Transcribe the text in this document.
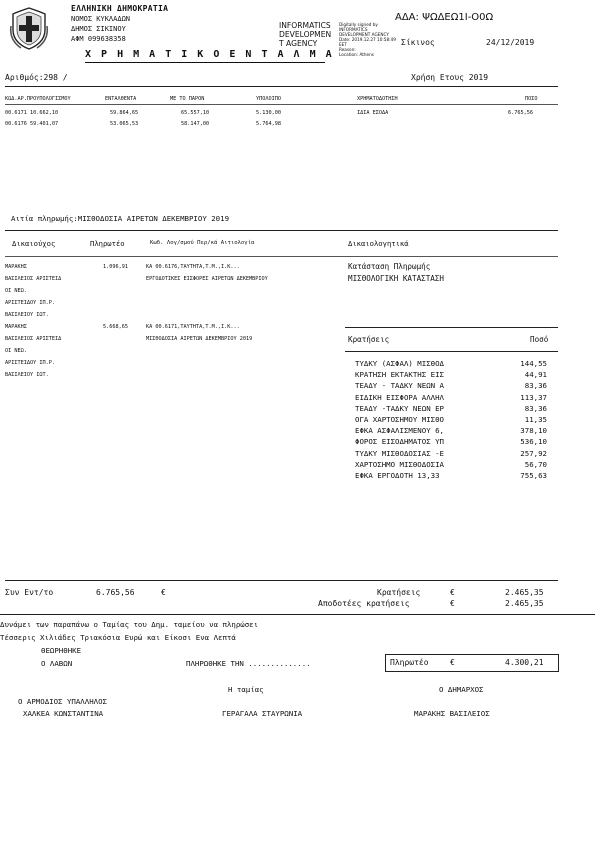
ΕΛΛΗΝΙΚΗ ΔΗΜΟΚΡΑΤΙΑ
ΝΟΜΟΣ ΚΥΚΛΑΔΩΝ
ΔΗΜΟΣ ΣΙΚΙΝΟΥ
ΑΦΜ 099638358
ΑΔΑ: ΨΩΔΕΩ1Ι-Ο0Ω
INFORMATICS
DEVELOPMEN
T AGENCY
Digitally signed by
INFORMATICS
DEVELOPMENT AGENCY
Date: 2019.12.27 10:58:49
EET
Reason:
Location: Athens
Σίκινος	24/12/2019
Χ Ρ Η Μ Α Τ Ι Κ Ο Ε Ν Τ Α Λ Μ Α
Αριθμός:298 /	Χρήση Ετους 2019
ΚΩΔ.ΑΡ.ΠΡΟΥΠΟΛΟΓΙΣΜΟΥ	ΕΝΤΑΛΘΕΝΤΑ	ΜΕ ΤΟ ΠΑΡΟΝ	ΥΠΟΛΟΙΠΟ	ΧΡΗΜΑΤΟΔΟΤΗΣΗ	ΠΟΣΟ
00.6171 10.662,10	59.864,65	65.557,10	5.130,00	ΙΔΙΑ ΕΣΟΔΑ	6.765,56
00.6176 59.401,07	53.065,53	58.147,00	5.764,98
Αιτία πληρωμής:ΜΙΣΘΟΔΟΣΙΑ ΑΙΡΕΤΩΝ ΔΕΚΕΜΒΡΙΟΥ 2019
Δικαιούχος	Πληρωτέο	Κωδ. Λογ/σμού Περ/κά Αιτιολογία	Δικαιολογητικά
ΜΑΡΑΚΗΣ
ΒΑΣΙΛΕΙΟΣ ΑΡΙΣΤΕΙΔ
ΟΙ ΝΕΩ.
ΑΡΙΣΤΕΙΔΟΥ ΙΠ.Ρ.
ΒΑΣΙΛΕΙΟΥ ΙΩΤ.
1.096,91	ΚΑ 00.6176,ΤΑΥΤΗΤΑ,Τ.Μ.,Ι.Κ...
ΕΡΓΟΔΟΤΙΚΕΣ ΕΙΣΦΟΡΕΣ ΑΙΡΕΤΩΝ ΔΕΚΕΜΒΡΙΟΥ
ΜΑΡΑΚΗΣ
ΒΑΣΙΛΕΙΟΣ ΑΡΙΣΤΕΙΔ
ΟΙ ΝΕΩ.
ΑΡΙΣΤΕΙΔΟΥ ΙΠ.Ρ.
ΒΑΣΙΛΕΙΟΥ ΙΩΤ.
5.668,65	ΚΑ 00.6171,ΤΑΥΤΗΤΑ,Τ.Μ.,Ι.Κ...
ΜΙΣΘΟΔΟΣΙΑ ΑΙΡΕΤΩΝ ΔΕΚΕΜΒΡΙΟΥ 2019
Κατάσταση Πληρωμής
ΜΙΣΘΟΛΟΓΙΚΗ ΚΑΤΑΣΤΑΣΗ
Κρατήσεις	Ποσό
ΤΥΔΚΥ (ΑΣΦΑΛ) ΜΙΣΘΟΔ	144,55
ΚΡΑΤΗΣΗ ΕΚΤΑΚΤΗΣ ΕΙΣ	44,91
ΤΕΑΔΥ - ΤΑΔΚΥ ΝΕΩΝ Α	83,36
ΕΙΔΙΚΗ ΕΙΣΦΟΡΑ ΑΛΛΗΛ	113,37
ΤΕΑΔΥ -ΤΑΔΚΥ ΝΕΩΝ ΕΡ	83,36
ΟΓΑ ΧΑΡΤΟΣΗΜΟΥ ΜΙΣΘΟ	11,35
ΕΦΚΑ ΑΣΦΑΛΙΣΜΕΝΟΥ 6,	378,10
ΦΟΡΟΣ ΕΙΣΟΔΗΜΑΤΟΣ ΥΠ	536,10
ΤΥΔΚΥ ΜΙΣΘΟΔΟΣΙΑΣ -Ε	257,92
ΧΑΡΤΟΣΗΜΟ ΜΙΣΘΟΔΟΣΙΑ	56,70
ΕΦΚΑ ΕΡΓΟΔΟΤΗ 13,33	755,63
Συν Εντ/το	6.765,56	€	Κρατήσεις	€	2.465,35
Αποδοτέες κρατήσεις	€	2.465,35
Δυνάμει των παραπάνω ο Ταμίας του Δημ. ταμείου να πληρώσει
Τέσσερις Χιλιάδες Τριακόσια Ευρώ και Είκοσι Ενα Λεπτά
ΘΕΩΡΗΘΗΚΕ
Ο ΛΑΒΩΝ	ΠΛΗΡΩΘΗΚΕ ΤΗΝ ..............	Πληρωτέο	€	4.300,21
Η ταμίας	Ο ΔΗΜΑΡΧΟΣ
Ο ΑΡΜΟΔΙΟΣ ΥΠΑΛΛΗΛΟΣ
ΧΑΛΚΕΑ ΚΩΝΣΤΑΝΤΙΝΑ	ΓΕΡΑΓΑΛΑ ΣΤΑΥΡΩΝΙΑ	ΜΑΡΑΚΗΣ ΒΑΣΙΛΕΙΟΣ
